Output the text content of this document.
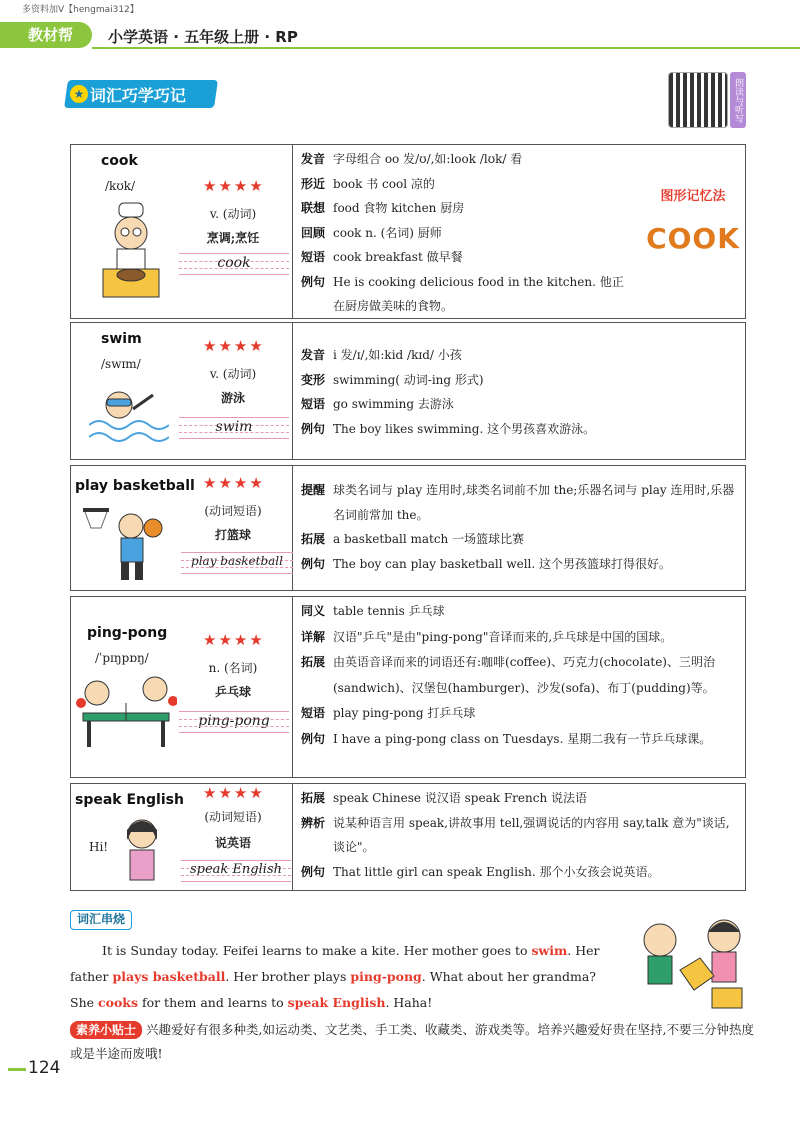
多资料加V【hengmai312】
教材帮	小学英语 · 五年级上册 · RP
★ 词汇巧学巧记	朗读与听写
cook
/kʊk/	★★★★
v. (动词)
烹调;烹饪
cook
发音 字母组合 oo 发/ʊ/,如:look /lʊk/ 看
形近 book 书 cool 凉的
联想 food 食物 kitchen 厨房
回顾 cook n. (名词) 厨师
短语 cook breakfast 做早餐
例句 He is cooking delicious food in the kitchen. 他正在厨房做美味的食物。
图形记忆法
COOK
swim
/swɪm/
★★★★
v. (动词)
游泳
swim
发音 i 发/ɪ/,如:kid /kɪd/ 小孩
变形 swimming( 动词-ing 形式)
短语 go swimming 去游泳
例句 The boy likes swimming. 这个男孩喜欢游泳。
play basketball ★★★★
(动词短语)
打篮球
play basketball
提醒 球类名词与 play 连用时,球类名词前不加 the;乐器名词与 play 连用时,乐器名词前常加 the。
拓展 a basketball match 一场篮球比赛
例句 The boy can play basketball well. 这个男孩篮球打得很好。
ping-pong
/ˈpɪŋpɒŋ/
★★★★
n. (名词)
乒乓球
ping-pong
同义 table tennis 乒乓球
详解 汉语"乒乓"是由"ping-pong"音译而来的,乒乓球是中国的国球。
拓展 由英语音译而来的词语还有:咖啡(coffee)、巧克力(chocolate)、三明治(sandwich)、汉堡包(hamburger)、沙发(sofa)、布丁(pudding)等。
短语 play ping-pong 打乒乓球
例句 I have a ping-pong class on Tuesdays. 星期二我有一节乒乓球课。
speak English ★★★★
(动词短语)
说英语
speak English
Hi!
拓展 speak Chinese 说汉语 speak French 说法语
辨析 说某种语言用 speak,讲故事用 tell,强调说话的内容用 say,talk 意为"谈话,谈论"。
例句 That little girl can speak English. 那个小女孩会说英语。
词汇串烧
It is Sunday today. Feifei learns to make a kite. Her mother goes to swim. Her father plays basketball. Her brother plays ping-pong. What about her grandma? She cooks for them and learns to speak English. Haha!
素养小贴士 兴趣爱好有很多种类,如运动类、文艺类、手工类、收藏类、游戏类等。培养兴趣爱好贵在坚持,不要三分钟热度或是半途而废哦!
124
